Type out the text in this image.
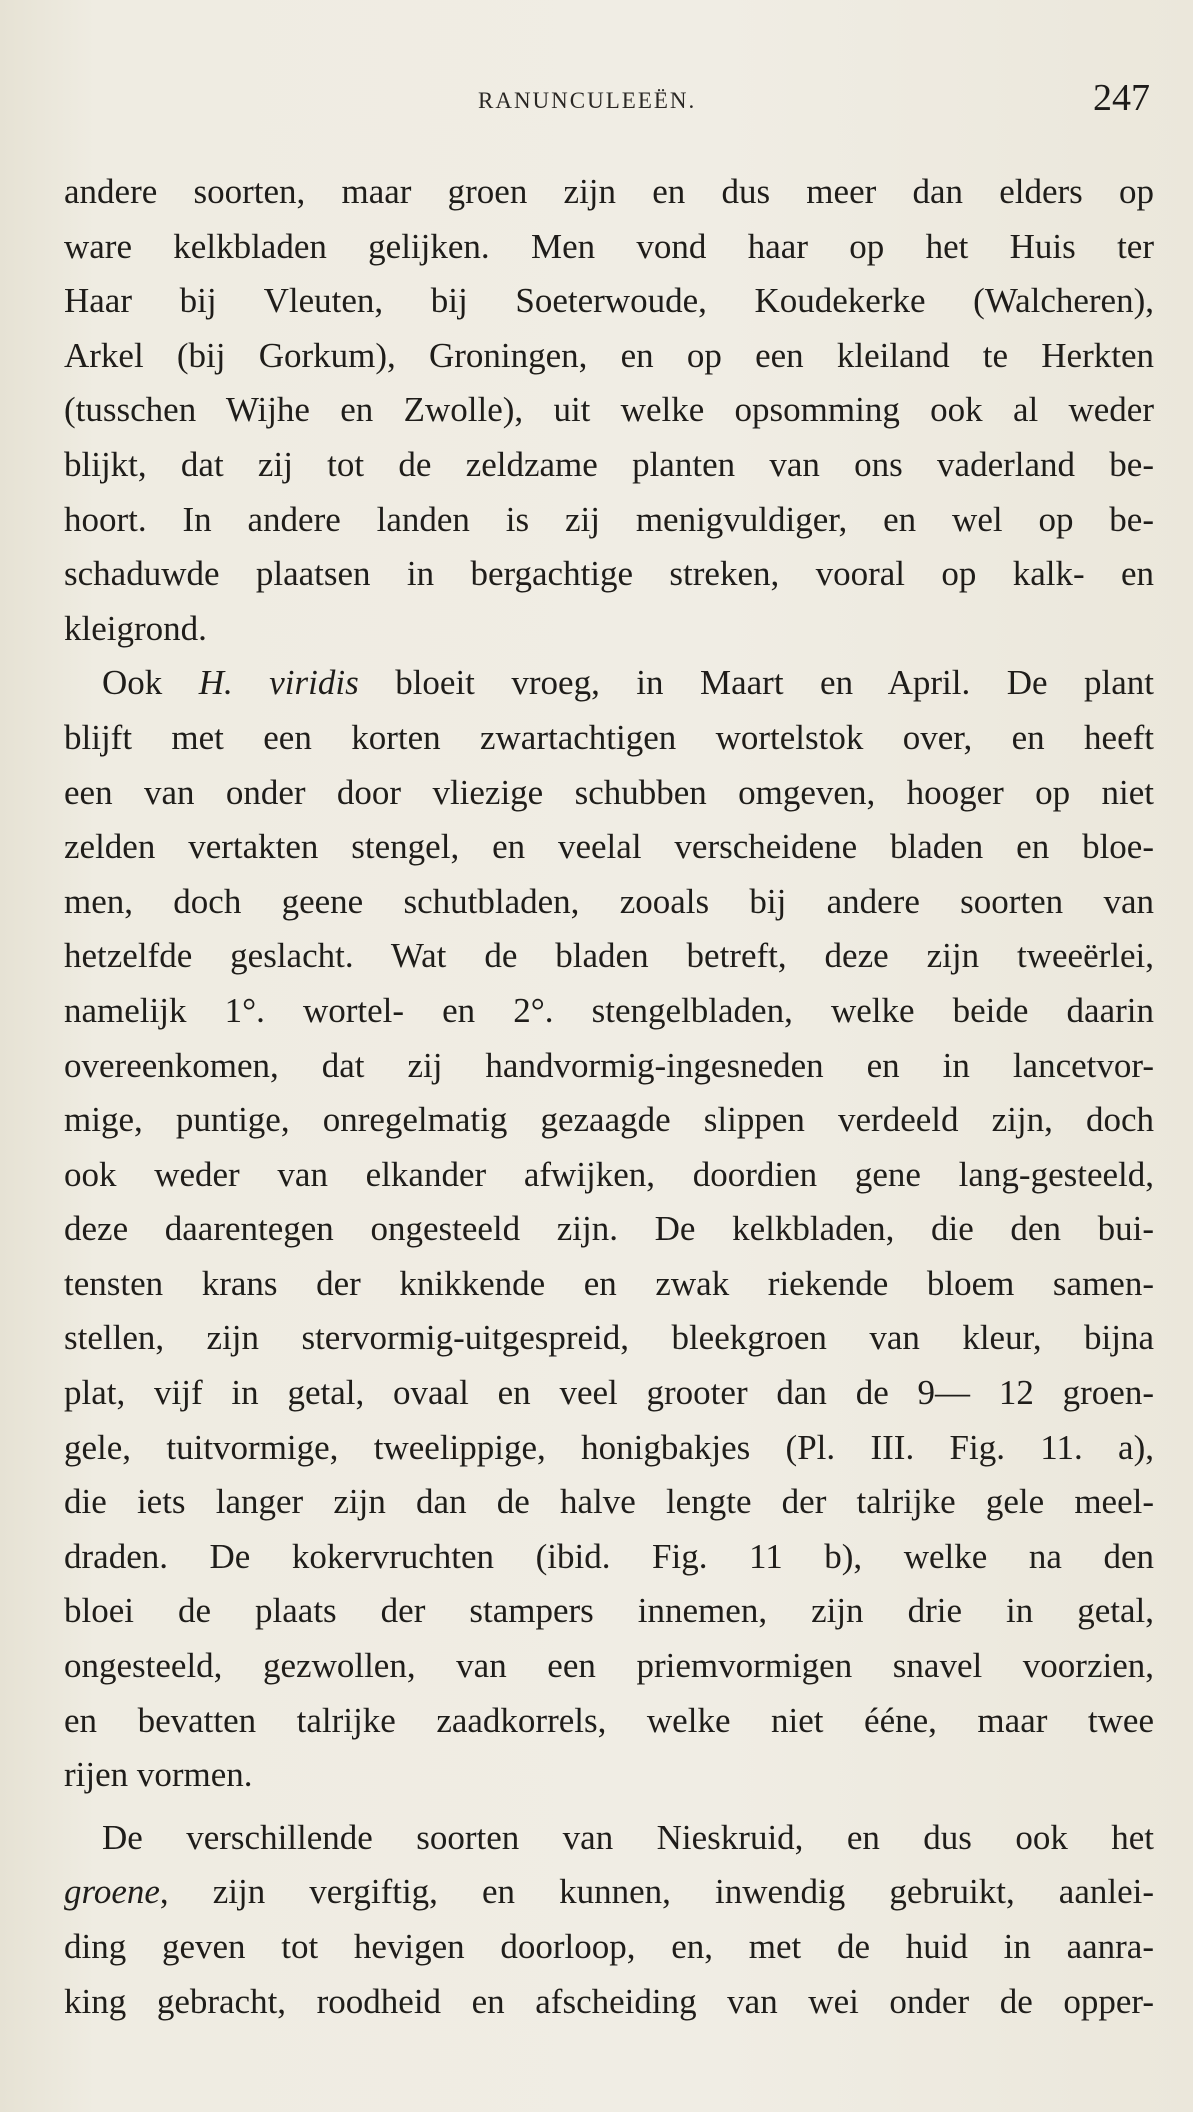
RANUNCULEEËN.	247
andere soorten, maar groen zijn en dus meer dan elders op
ware kelkbladen gelijken. Men vond haar op het Huis ter
Haar bij Vleuten, bij Soeterwoude, Koudekerke (Walcheren),
Arkel (bij Gorkum), Groningen, en op een kleiland te Herkten
(tusschen Wijhe en Zwolle), uit welke opsomming ook al weder
blijkt, dat zij tot de zeldzame planten van ons vaderland be-
hoort. In andere landen is zij menigvuldiger, en wel op be-
schaduwde plaatsen in bergachtige streken, vooral op kalk- en
kleigrond.
Ook H. viridis bloeit vroeg, in Maart en April. De plant
blijft met een korten zwartachtigen wortelstok over, en heeft
een van onder door vliezige schubben omgeven, hooger op niet
zelden vertakten stengel, en veelal verscheidene bladen en bloe-
men, doch geene schutbladen, zooals bij andere soorten van
hetzelfde geslacht. Wat de bladen betreft, deze zijn tweeërlei,
namelijk 1°. wortel- en 2°. stengelbladen, welke beide daarin
overeenkomen, dat zij handvormig-ingesneden en in lancetvor-
mige, puntige, onregelmatig gezaagde slippen verdeeld zijn, doch
ook weder van elkander afwijken, doordien gene lang-gesteeld,
deze daarentegen ongesteeld zijn. De kelkbladen, die den bui-
tensten krans der knikkende en zwak riekende bloem samen-
stellen, zijn stervormig-uitgespreid, bleekgroen van kleur, bijna
plat, vijf in getal, ovaal en veel grooter dan de 9— 12 groen-
gele, tuitvormige, tweelippige, honigbakjes (Pl. III. Fig. 11. a),
die iets langer zijn dan de halve lengte der talrijke gele meel-
draden. De kokervruchten (ibid. Fig. 11 b), welke na den
bloei de plaats der stampers innemen, zijn drie in getal,
ongesteeld, gezwollen, van een priemvormigen snavel voorzien,
en bevatten talrijke zaadkorrels, welke niet ééne, maar twee
rijen vormen.
De verschillende soorten van Nieskruid, en dus ook het
groene, zijn vergiftig, en kunnen, inwendig gebruikt, aanlei-
ding geven tot hevigen doorloop, en, met de huid in aanra-
king gebracht, roodheid en afscheiding van wei onder de opper-
